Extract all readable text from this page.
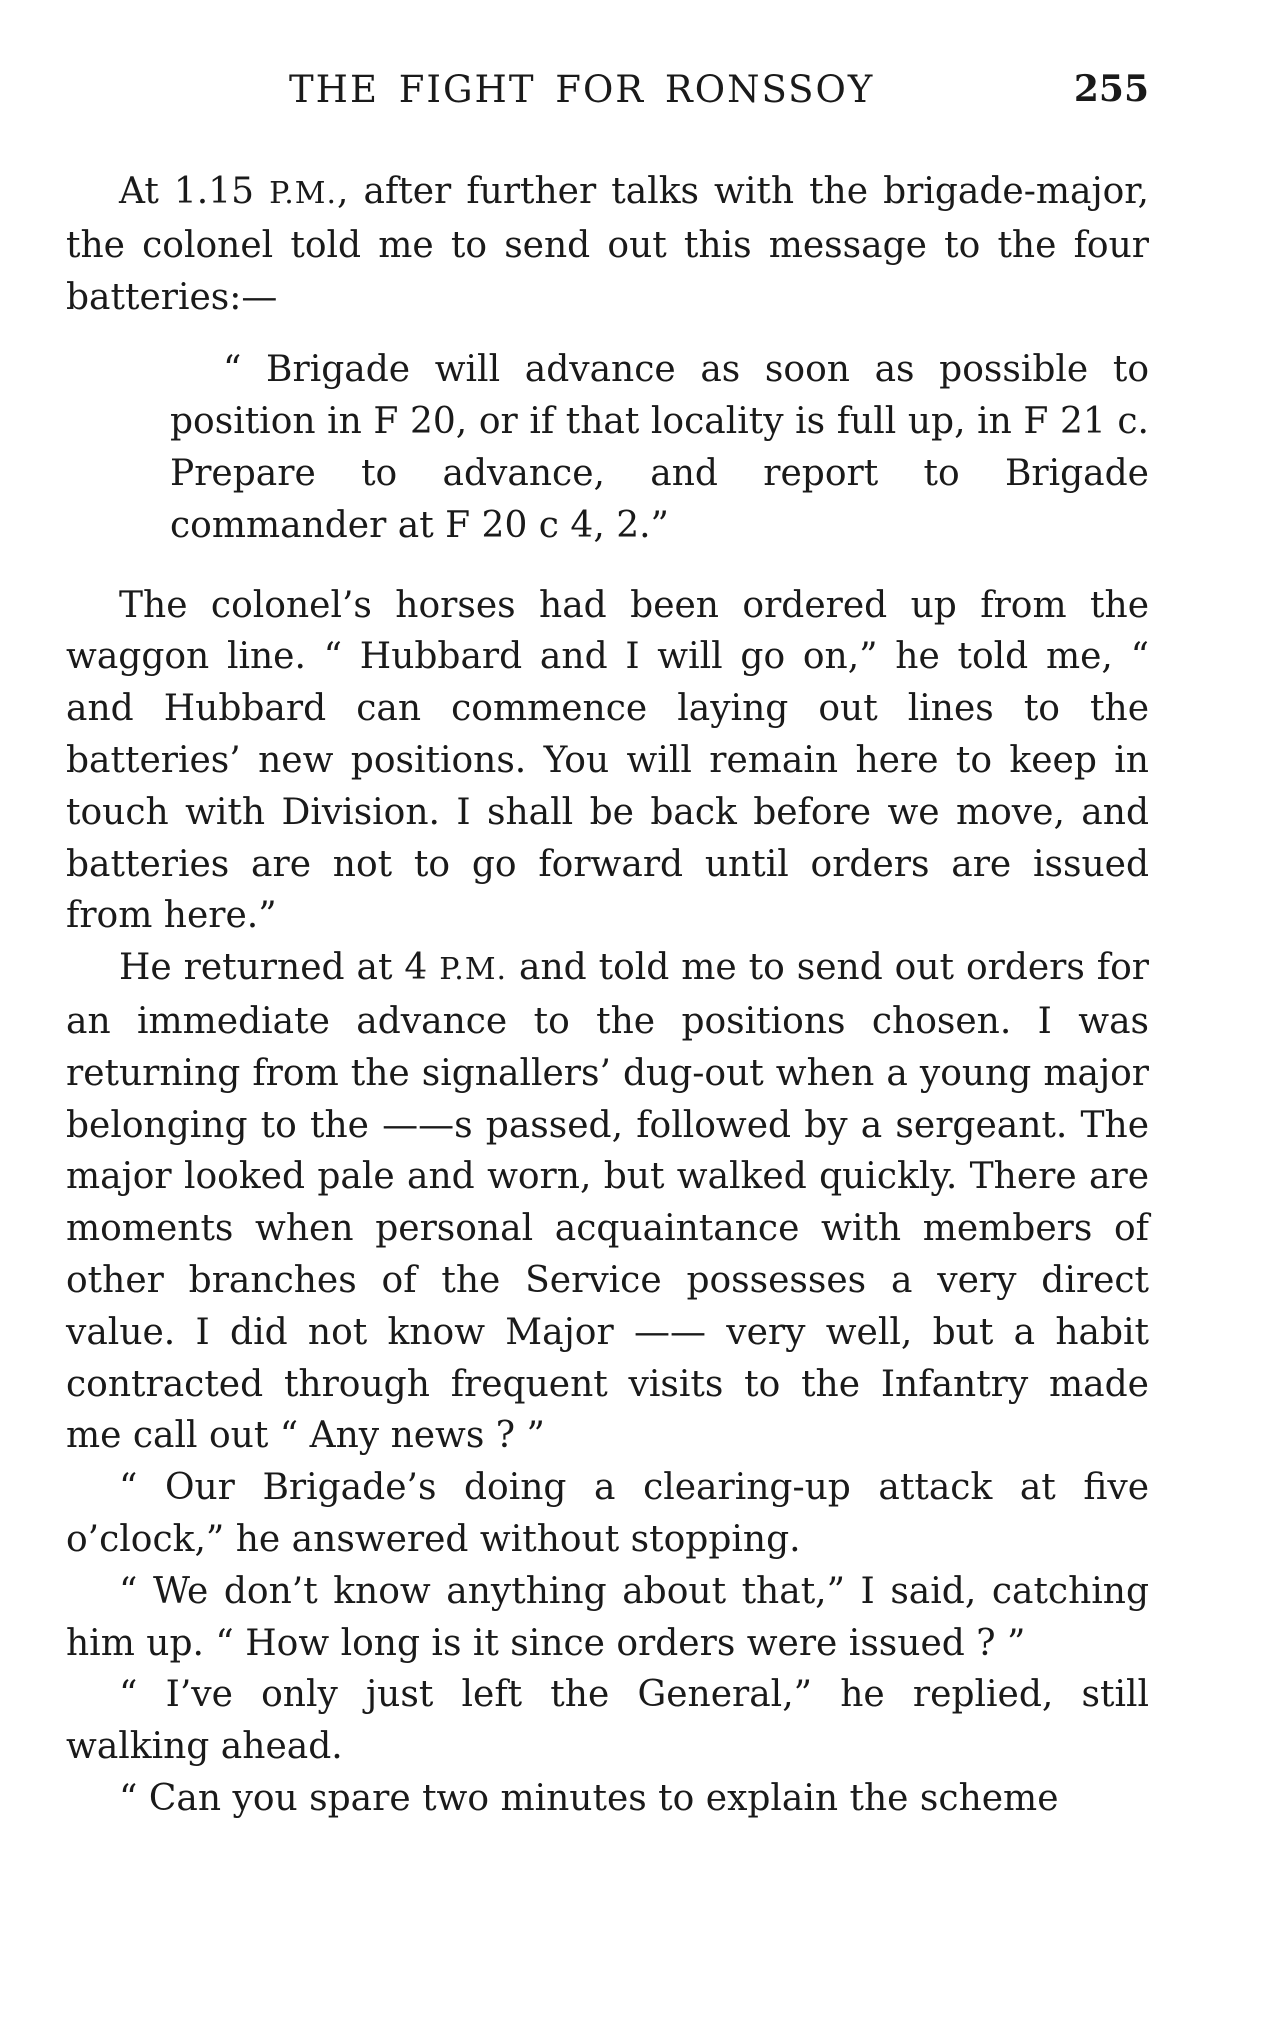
THE FIGHT FOR RONSSOY	255

At 1.15 P.M., after further talks with the brigade-major, the colonel told me to send out this message to the four batteries:—

“ Brigade will advance as soon as possible to position in F 20, or if that locality is full up, in F 21 c. Prepare to advance, and report to Brigade commander at F 20 c 4, 2.”

The colonel’s horses had been ordered up from the waggon line. “ Hubbard and I will go on,” he told me, “ and Hubbard can commence laying out lines to the batteries’ new positions. You will remain here to keep in touch with Division. I shall be back before we move, and batteries are not to go forward until orders are issued from here.”

He returned at 4 P.M. and told me to send out orders for an immediate advance to the positions chosen. I was returning from the signallers’ dug-out when a young major belonging to the ——s passed, followed by a sergeant. The major looked pale and worn, but walked quickly. There are moments when personal acquaintance with members of other branches of the Service possesses a very direct value. I did not know Major —— very well, but a habit contracted through frequent visits to the Infantry made me call out “ Any news ? ”

“ Our Brigade’s doing a clearing-up attack at five o’clock,” he answered without stopping.

“ We don’t know anything about that,” I said, catching him up. “ How long is it since orders were issued ? ”

“ I’ve only just left the General,” he replied, still walking ahead.

“ Can you spare two minutes to explain the scheme
